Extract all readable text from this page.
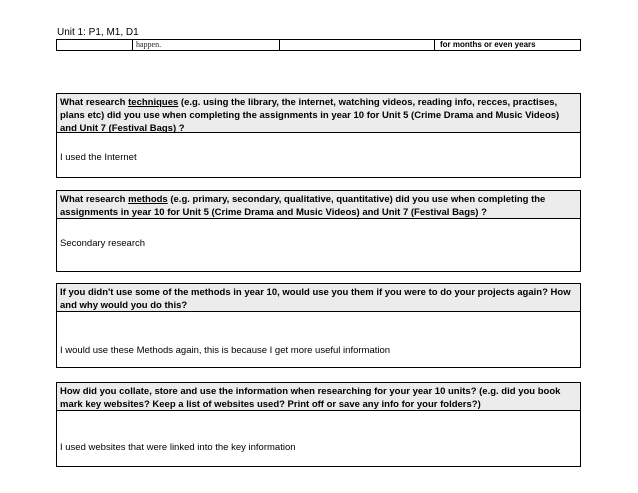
Unit 1: P1, M1, D1
happen.	for months or even years
What research techniques (e.g. using the library, the internet, watching videos, reading info, recces, practises, plans etc) did you use when completing the assignments in year 10 for Unit 5 (Crime Drama and Music Videos) and Unit 7 (Festival Bags) ?
I used the Internet
What research methods (e.g. primary, secondary, qualitative, quantitative) did you use when completing the assignments in year 10 for Unit 5 (Crime Drama and Music Videos) and Unit 7 (Festival Bags) ?
Secondary research
If you didn't use some of the methods in year 10, would use you them if you were to do your projects again? How and why would you do this?
I would use these Methods again, this is because I get more useful information
How did you collate, store and use the information when researching for your year 10 units? (e.g. did you book mark key websites? Keep a list of websites used? Print off or save any info for your folders?)
I used websites that were linked into the key information
